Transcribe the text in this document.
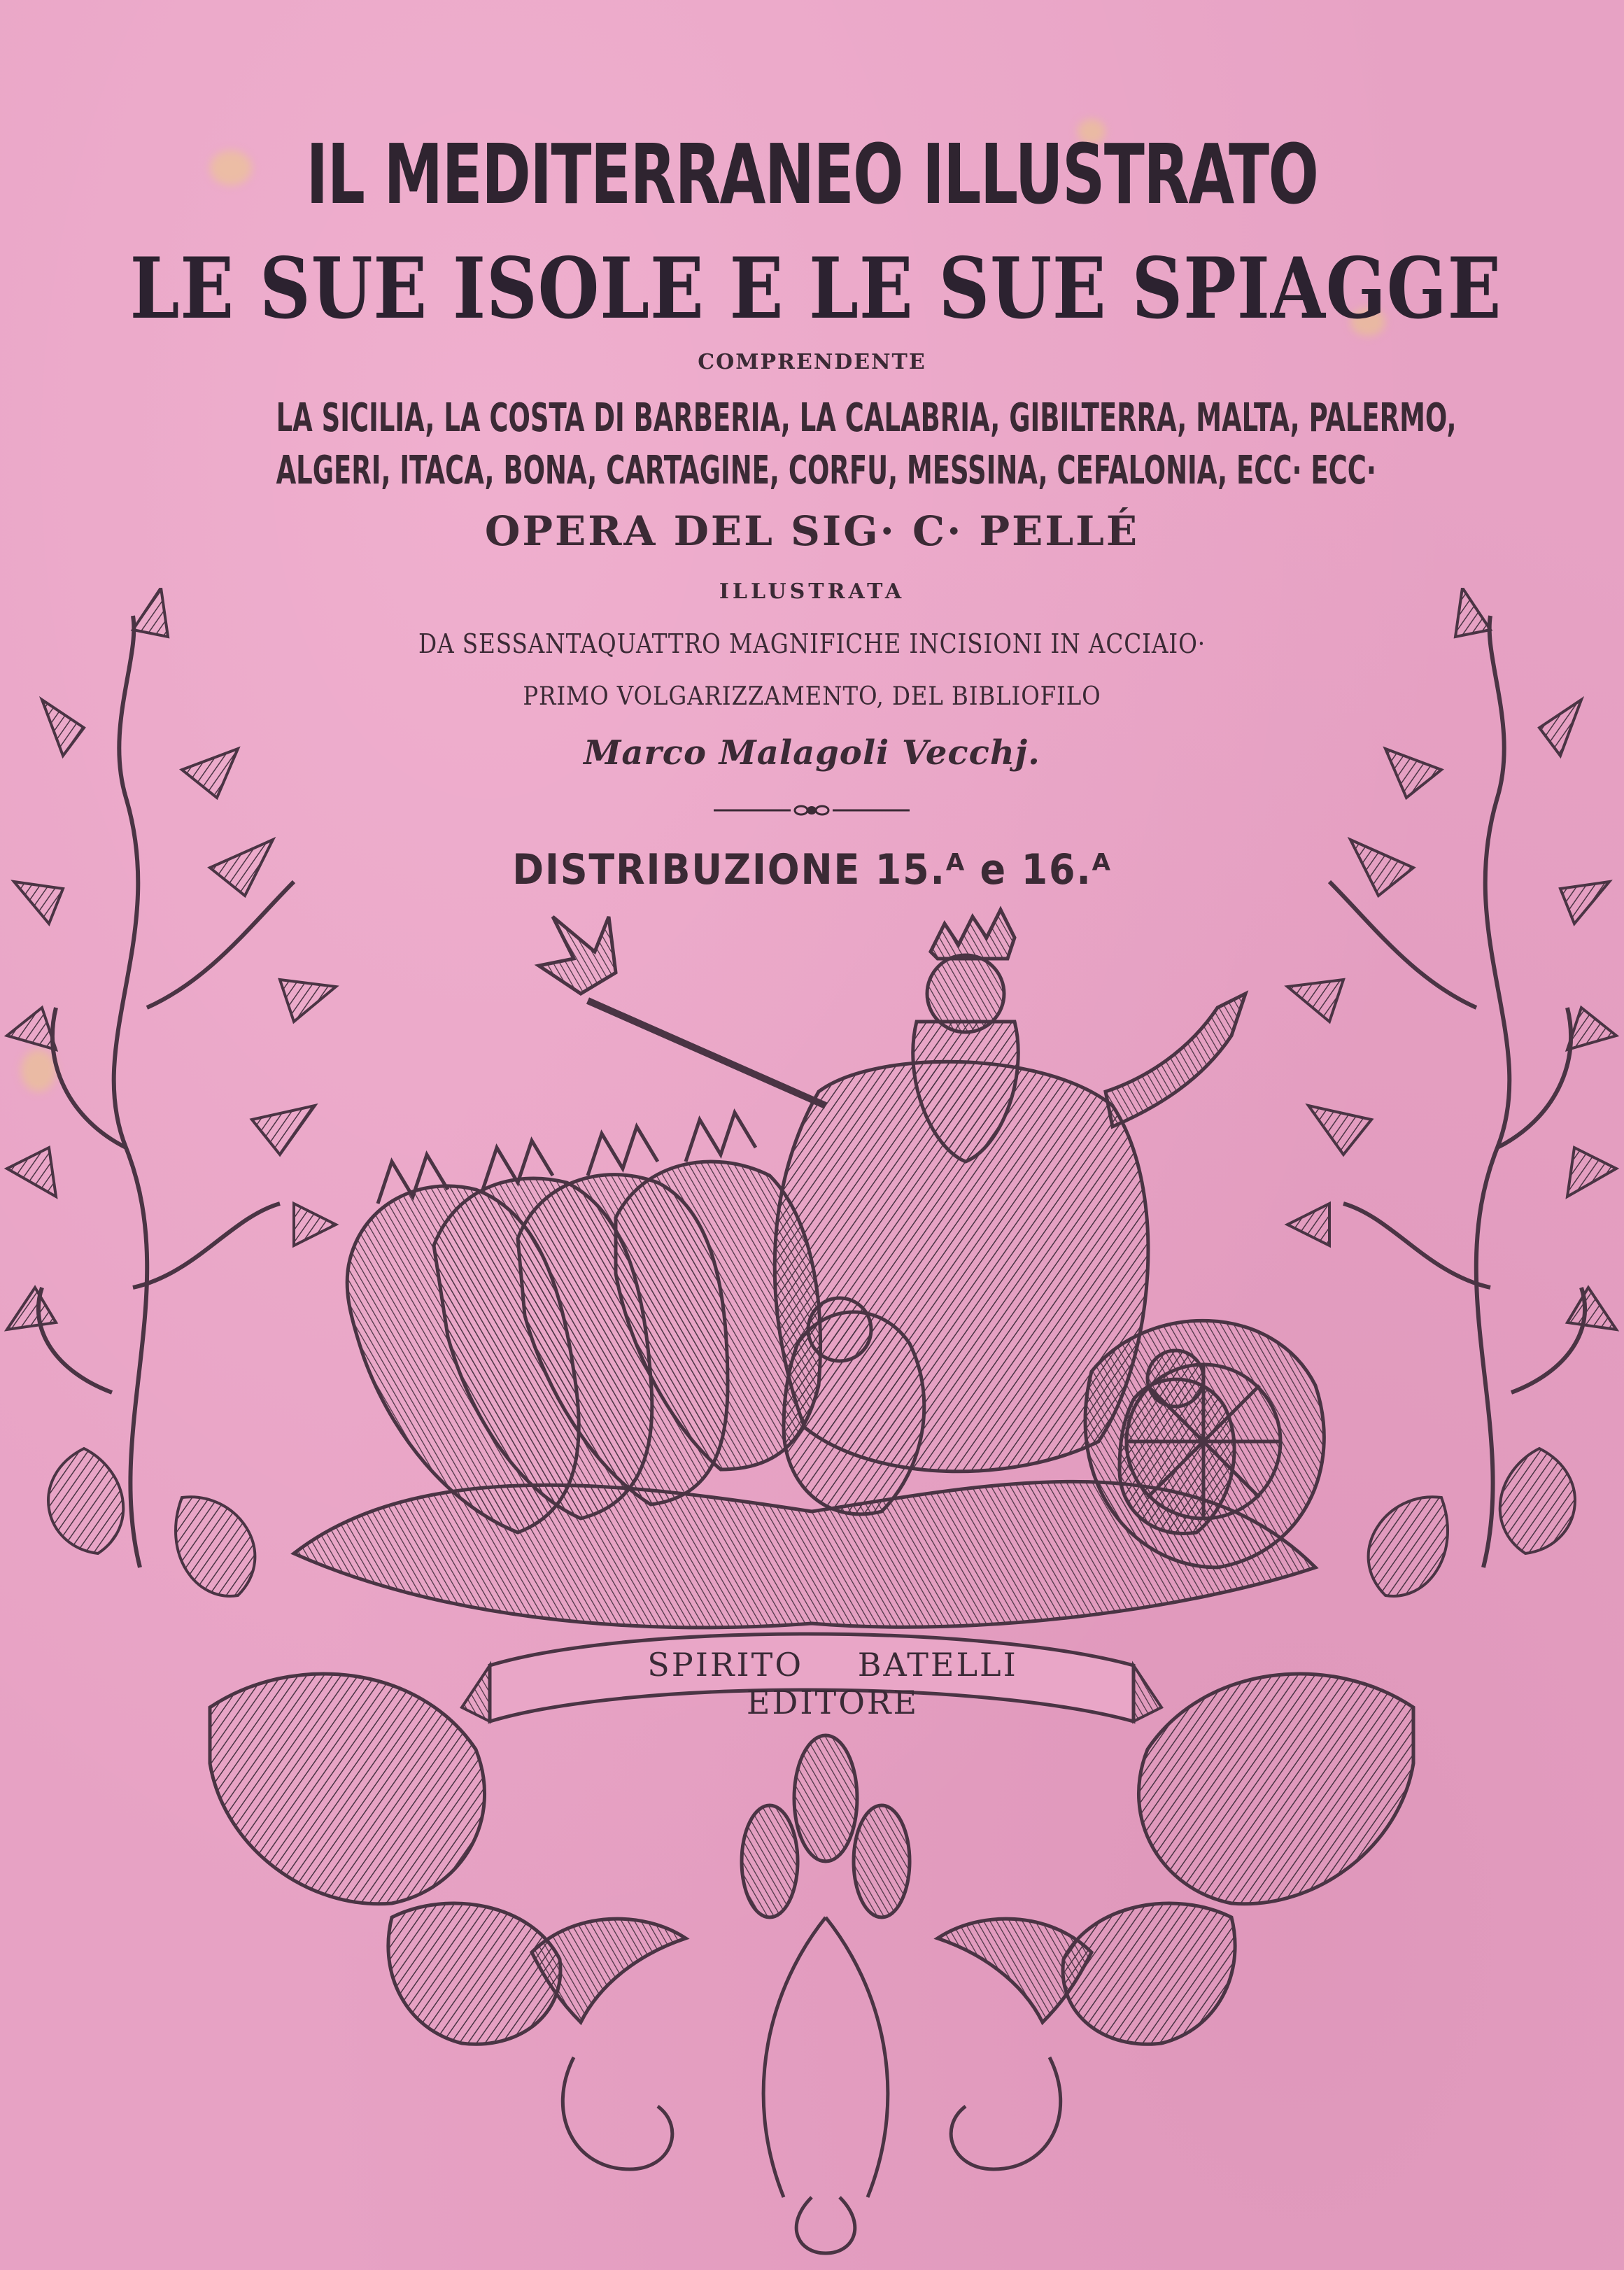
IL MEDITERRANEO ILLUSTRATO
LE SUE ISOLE E LE SUE SPIAGGE
COMPRENDENTE
LA SICILIA, LA COSTA DI BARBERIA, LA CALABRIA, GIBILTERRA, MALTA, PALERMO,
ALGERI, ITACA, BONA, CARTAGINE, CORFU, MESSINA, CEFALONIA, ECC· ECC·
OPERA DEL SIG· C· PELLÉ
ILLUSTRATA
DA SESSANTAQUATTRO MAGNIFICHE INCISIONI IN ACCIAIO·
PRIMO VOLGARIZZAMENTO, DEL BIBLIOFILO
Marco Malagoli Vecchj.
DISTRIBUZIONE 15.ᴬ e 16.ᴬ
SPIRITO BATELLI EDITORE
